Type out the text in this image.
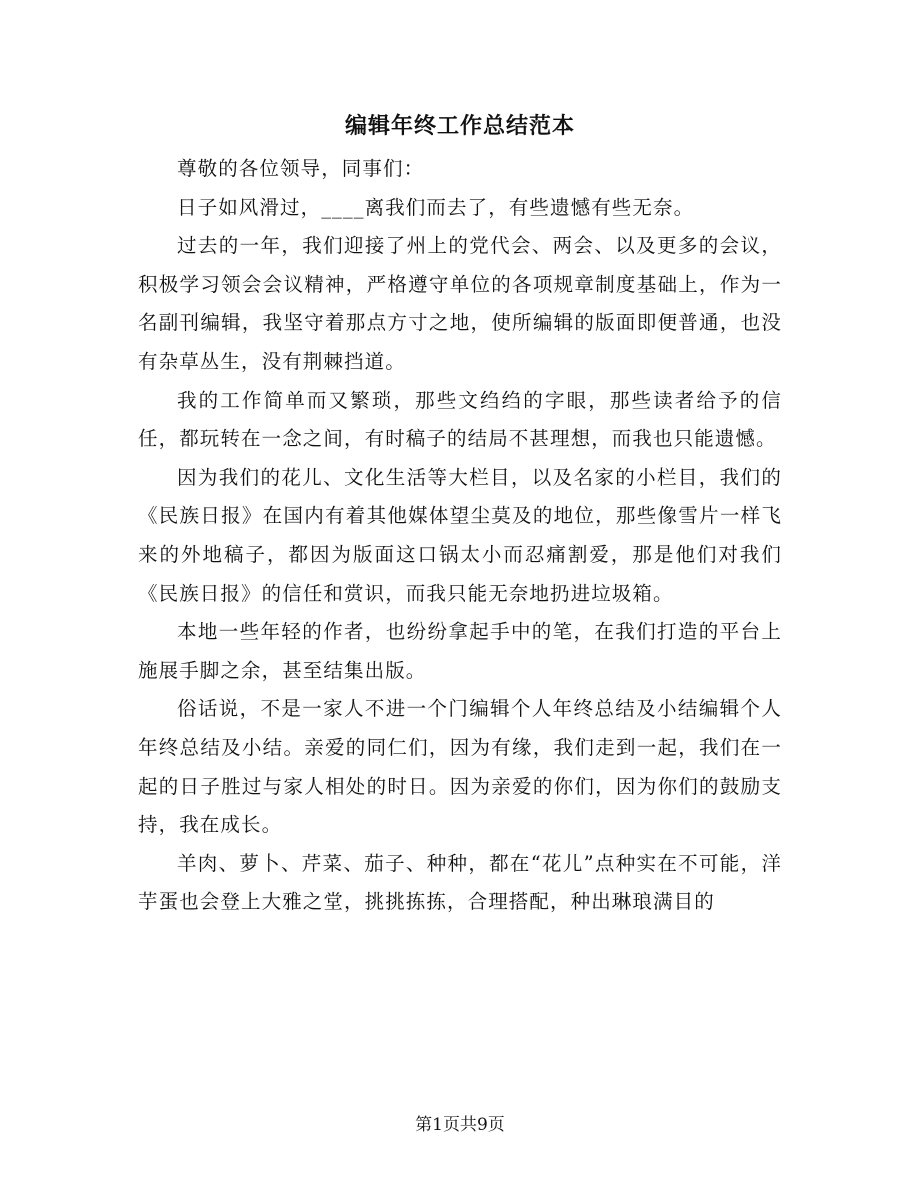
编辑年终工作总结范本

尊敬的各位领导，同事们：

日子如风滑过，____离我们而去了，有些遗憾有些无奈。

过去的一年，我们迎接了州上的党代会、两会、以及更多的会议，积极学习领会会议精神，严格遵守单位的各项规章制度基础上，作为一名副刊编辑，我坚守着那点方寸之地，使所编辑的版面即便普通，也没有杂草丛生，没有荆棘挡道。

我的工作简单而又繁琐，那些文绉绉的字眼，那些读者给予的信任，都玩转在一念之间，有时稿子的结局不甚理想，而我也只能遗憾。

因为我们的花儿、文化生活等大栏目，以及名家的小栏目，我们的《民族日报》在国内有着其他媒体望尘莫及的地位，那些像雪片一样飞来的外地稿子，都因为版面这口锅太小而忍痛割爱，那是他们对我们《民族日报》的信任和赏识，而我只能无奈地扔进垃圾箱。

本地一些年轻的作者，也纷纷拿起手中的笔，在我们打造的平台上施展手脚之余，甚至结集出版。

俗话说，不是一家人不进一个门编辑个人年终总结及小结编辑个人年终总结及小结。亲爱的同仁们，因为有缘，我们走到一起，我们在一起的日子胜过与家人相处的时日。因为亲爱的你们，因为你们的鼓励支持，我在成长。

羊肉、萝卜、芹菜、茄子、种种，都在“花儿”点种实在不可能，洋芋蛋也会登上大雅之堂，挑挑拣拣，合理搭配，种出琳琅满目的

第1页共9页
